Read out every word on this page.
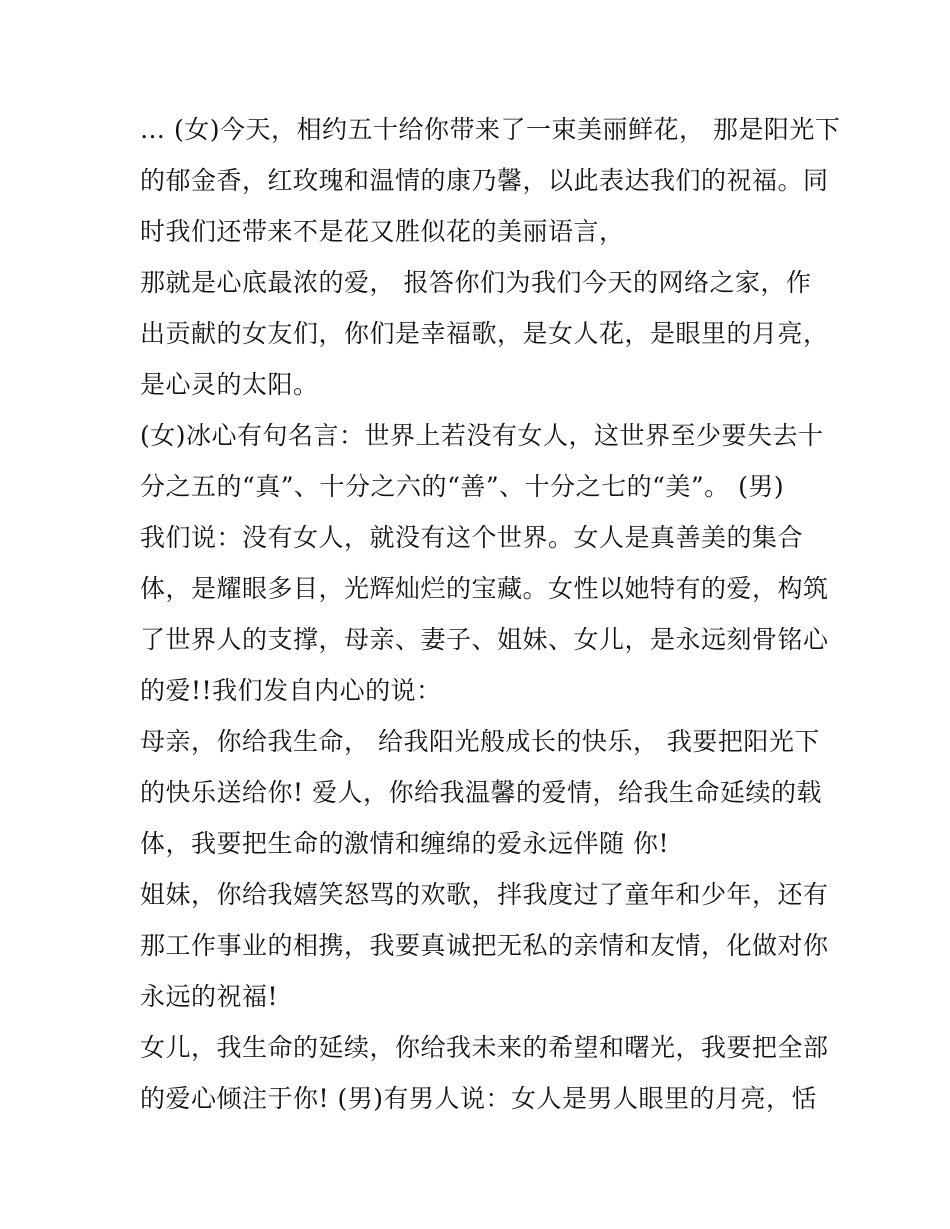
… (女)今天，相约五十给你带来了一束美丽鲜花， 那是阳光下
的郁金香，红玫瑰和温情的康乃馨，以此表达我们的祝福。同
时我们还带来不是花又胜似花的美丽语言，
那就是心底最浓的爱， 报答你们为我们今天的网络之家，作
出贡献的女友们，你们是幸福歌，是女人花，是眼里的月亮，
是心灵的太阳。
(女)冰心有句名言：世界上若没有女人，这世界至少要失去十
分之五的“真”、十分之六的“善”、十分之七的“美”。 (男)
我们说：没有女人，就没有这个世界。女人是真善美的集合
体，是耀眼多目，光辉灿烂的宝藏。女性以她特有的爱，构筑
了世界人的支撑，母亲、妻子、姐妹、女儿，是永远刻骨铭心
的爱!!我们发自内心的说：
母亲，你给我生命， 给我阳光般成长的快乐， 我要把阳光下
的快乐送给你! 爱人，你给我温馨的爱情，给我生命延续的载
体，我要把生命的激情和缠绵的爱永远伴随 你!
姐妹，你给我嬉笑怒骂的欢歌，拌我度过了童年和少年，还有
那工作事业的相携，我要真诚把无私的亲情和友情，化做对你
永远的祝福!
女儿，我生命的延续，你给我未来的希望和曙光，我要把全部
的爱心倾注于你! (男)有男人说：女人是男人眼里的月亮，恬
